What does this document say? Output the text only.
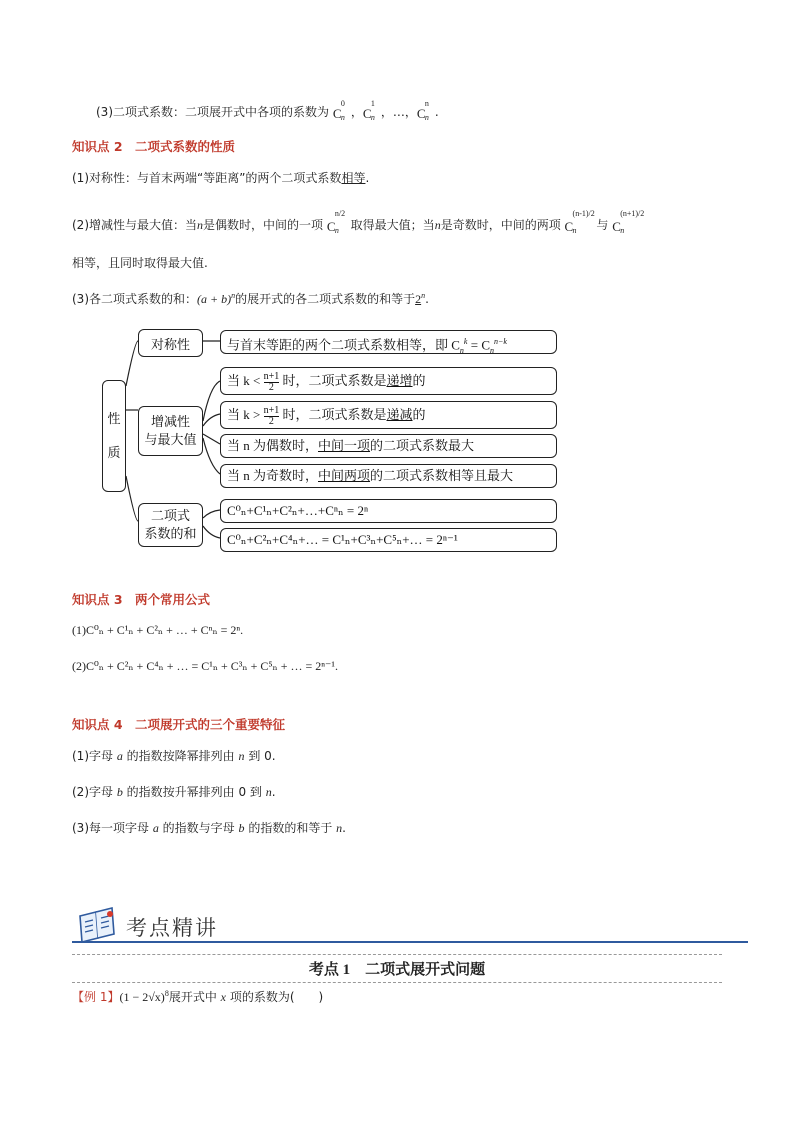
(3)二项式系数：二项展开式中各项的系数为 C
0
n ， C
1
n ，…， C
n
n .
知识点 2　二项式系数的性质
(1)对称性：与首末两端“等距离”的两个二项式系数相等.
(2)增减性与最大值：当n是偶数时，中间的一项 C
n/2
n 取得最大值；当n是奇数时，中间的两项 C
(n-1)/2
n 与 C
(n+1)/2
n
相等，且同时取得最大值.
(3)各二项式系数的和：$(a + b)^n$的展开式的各二项式系数的和等于2$^n$.
性
质
对称性
增减性
与最大值
二项式
系数的和
与首末等距的两个二项式系数相等，即 $C_n^k = C_n^{n-k}$
当 $k < \frac{n+1}{2}$ 时，二项式系数是递增的
当 $k > \frac{n+1}{2}$ 时，二项式系数是递减的
当 n 为偶数时，中间一项的二项式系数最大
当 n 为奇数时，中间两项的二项式系数相等且最大
C⁰ₙ+C¹ₙ+C²ₙ+…+Cⁿₙ = 2ⁿ
C⁰ₙ+C²ₙ+C⁴ₙ+… = C¹ₙ+C³ₙ+C⁵ₙ+… = 2ⁿ⁻¹
知识点 3　两个常用公式
(1)C⁰ₙ + C¹ₙ + C²ₙ + … + Cⁿₙ = 2ⁿ.
(2)C⁰ₙ + C²ₙ + C⁴ₙ + … = C¹ₙ + C³ₙ + C⁵ₙ + … = 2ⁿ⁻¹.
知识点 4　二项展开式的三个重要特征
(1)字母 a 的指数按降幂排列由 n 到 0.
(2)字母 b 的指数按升幂排列由 0 到 n.
(3)每一项字母 a 的指数与字母 b 的指数的和等于 n.
考点精讲
考点 1　二项式展开式问题
【例 1】$(1 - 2√x)^8$展开式中 x 项的系数为(　　)
